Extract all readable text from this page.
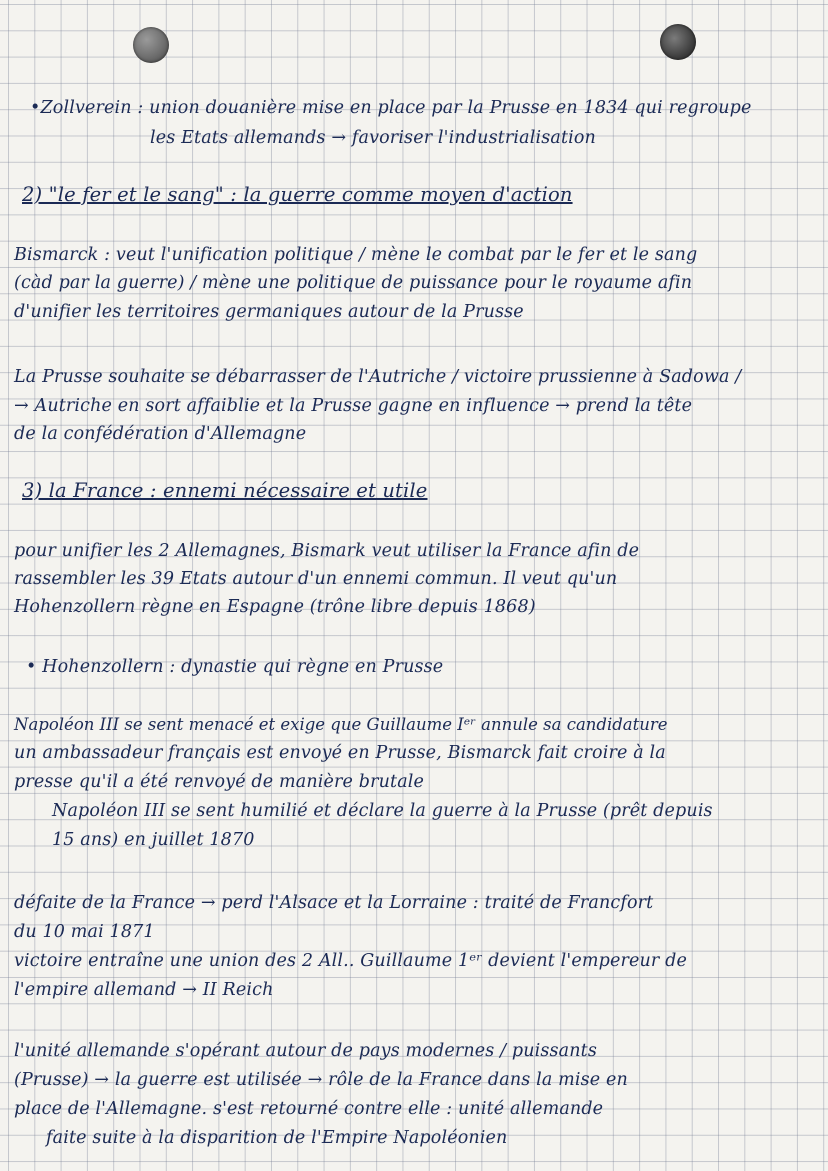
•Zollverein : union douanière mise en place par la Prusse en 1834 qui regroupe
les Etats allemands → favoriser l'industrialisation
2) "le fer et le sang" : la guerre comme moyen d'action
Bismarck : veut l'unification politique / mène le combat par le fer et le sang
(càd par la guerre) / mène une politique de puissance pour le royaume afin
d'unifier les territoires germaniques autour de la Prusse
La Prusse souhaite se débarrasser de l'Autriche / victoire prussienne à Sadowa /
→ Autriche en sort affaiblie et la Prusse gagne en influence → prend la tête
de la confédération d'Allemagne
3) la France : ennemi nécessaire et utile
pour unifier les 2 Allemagnes, Bismark veut utiliser la France afin de
rassembler les 39 Etats autour d'un ennemi commun. Il veut qu'un
Hohenzollern règne en Espagne (trône libre depuis 1868)
• Hohenzollern : dynastie qui règne en Prusse
Napoléon III se sent menacé et exige que Guillaume Iᵉʳ annule sa candidature
un ambassadeur français est envoyé en Prusse, Bismarck fait croire à la
presse qu'il a été renvoyé de manière brutale
Napoléon III se sent humilié et déclare la guerre à la Prusse (prêt depuis
15 ans) en juillet 1870
défaite de la France → perd l'Alsace et la Lorraine : traité de Francfort
du 10 mai 1871
victoire entraîne une union des 2 All.. Guillaume 1ᵉʳ devient l'empereur de
l'empire allemand → II Reich
l'unité allemande s'opérant autour de pays modernes / puissants
(Prusse) → la guerre est utilisée → rôle de la France dans la mise en
place de l'Allemagne. s'est retourné contre elle : unité allemande
faite suite à la disparition de l'Empire Napoléonien
